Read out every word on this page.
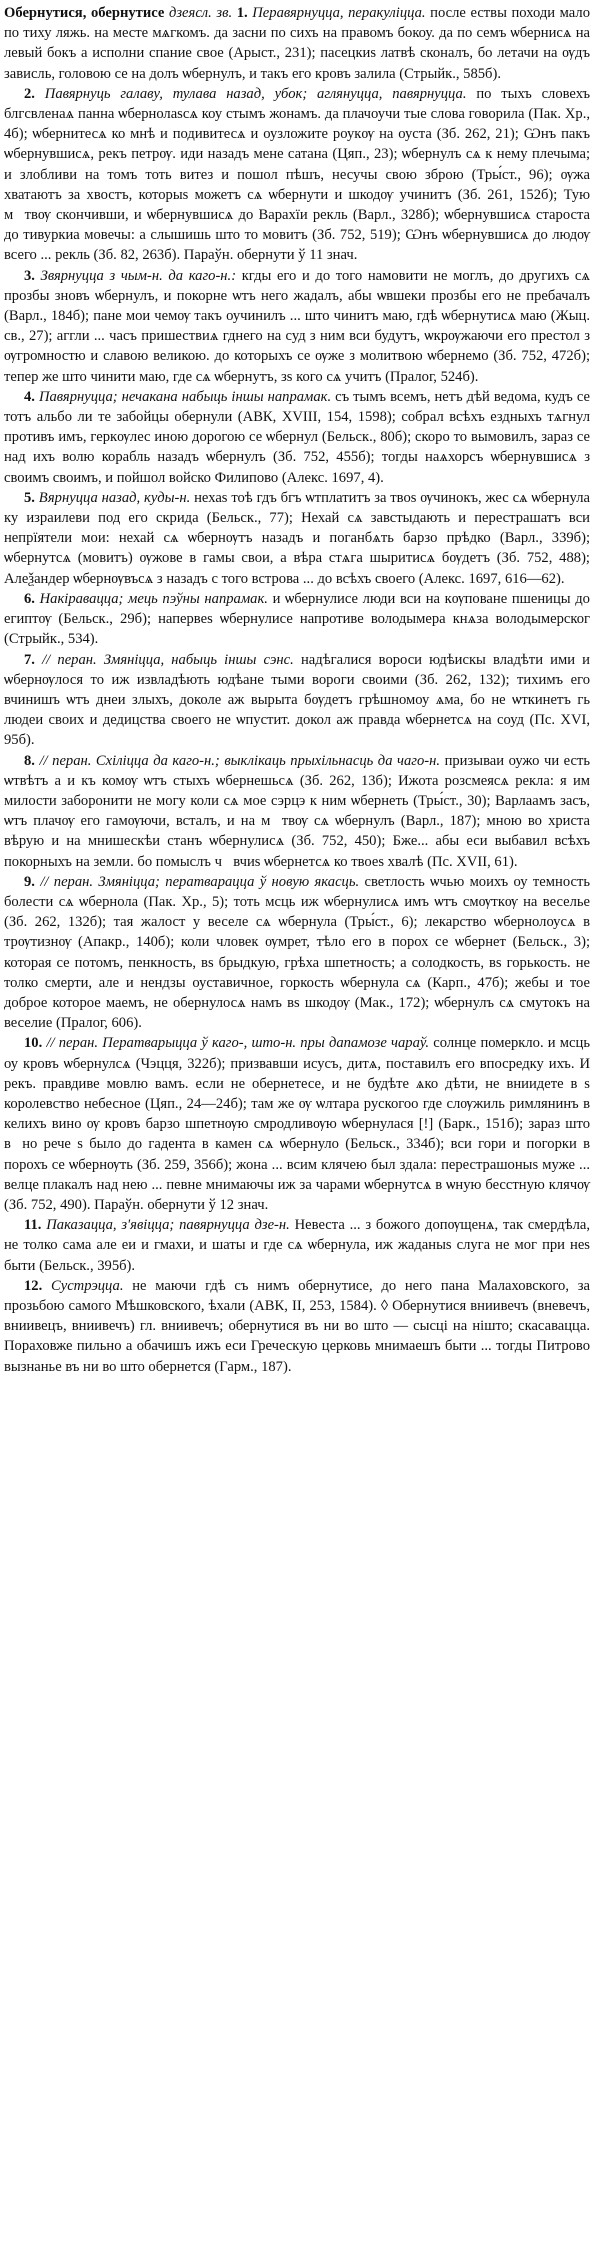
Обернутися, обернутисе дзеясл. зв. 1. Перавярнуцца, перакуліцца. после ествы походи мало по тиху ляжь. на месте мѧгкомъ. да засни по сихъ на правомъ бокоу. да по семъ ѡбернисѧ на левый бокъ а исполни спание свое (Арыст., 231); пасецкиѕ латвѣ сконалъ, бо летачи на ѹдъ зависль, головою се на долъ ѡбернулъ, и такъ его кровъ залила (Стрыйк., 585б).

2. Павярнуць галаву, тулава назад, убок; аглянуцца, павярнуцца. по тыхъ словехъ блгсвленаѧ панна ѡбернолаѕсѧ коу стымъ жонамъ. да плачоучи тые слова говорила (Пак. Хр., 4б); ѡбернитесѧ ко мнѣ и подивитесѧ и оузложите роукѹ на оуста (Зб. 262, 21); Ѡнъ пакъ ѡбернувшисѧ, рекъ петрѹ. иди назадъ мене сатана (Цяп., 23); ѡбернулъ сѧ к нему плечыма; и злобливи на томъ тоть витез и пошол пѣшъ, несучы свою зброю (Тры́ст., 96); ѹжа хватаютъ за хвостъ, которыѕ можетъ сѧ ѡбернути и шкодѹ учинитъ (Зб. 261, 152б); Тую мⷧтвѹ скончивши, и ѡбернувшисѧ до Варахїи рекль (Варл., 328б); ѡбернувшисѧ староста до тивуркиа мовечы: а слышишь што то мовитъ (Зб. 752, 519); Ѡнъ ѡбернувшисѧ до людѹ всего ... рекль (Зб. 82, 263б). Параўн. обернути ў 11 знач.

3. Звярнуцца з чым-н. да каго-н.: кгды его и до того намовити не моглъ, до другихъ сѧ прозбы зновъ ѡбернулъ, и покорне ѡтъ него жадалъ, абы ѡвшеки прозбы его не пребачалъ (Варл., 184б); пане мои чемѹ такъ оучинилъ ... што чинитъ маю, гдѣ ѡбернутисѧ маю (Жыц. св., 27); аггли ... часъ пришествиѧ гднего на суд з ним вси будутъ, ѡкрѹжаючи его престол з ѹгромностю и славою великою. до которыхъ се ѹже з молитвою ѡбернемо (Зб. 752, 472б); тепер же што чинити маю, где сѧ ѡбернутъ, зѕ кого сѧ учитъ (Пралог, 524б).

4. Павярнуцца; нечакана набыць іншы напрамак. съ тымъ всемъ, нетъ дѣй ведома, кудъ се тотъ альбо ли те забойцы обернули (АВК, XVIII, 154, 1598); собрал всѣхъ ездныхъ тѧгнул противъ имъ, геркѹлес иною дорогою се ѡбернул (Бельск., 80б); скоро то вымовилъ, зараз се над ихъ волю корабль назадъ ѡбернулъ (Зб. 752, 455б); тогды наѧхорсъ ѡбернувшисѧ з своимъ своимъ, и пойшол войско Филипово (Алекс. 1697, 4).

5. Вярнуцца назад, куды-н. нехаѕ тоѣ гдъ бгъ ѡтплатитъ за твоѕ ѹчинокъ, жес сѧ ѡбернула ку израилеви под его скрида (Бельск., 77); Нехай сѧ завстыдають и перестрашатъ вси непрїятели мои: нехай сѧ ѡбернѹтъ назадъ и поганбѧть барзо прѣдко (Варл., 339б); ѡбернутсѧ (мовитъ) ѹжове в гамы свои, а вѣра стѧга шыритисѧ бѹдетъ (Зб. 752, 488); Алеѯандер ѡбернѹвъсѧ з назадъ с того встрова ... до всѣхъ своего (Алекс. 1697, 616—62).

6. Накіравацца; мець пэўны напрамак. и ѡбернулисе люди вси на кѹповане пшеницы до египтѹ (Бельск., 29б); напервеѕ ѡбернулисе напротиве володымера кнѧза володымерског (Стрыйк., 534).

7. // перан. Змяніцца, набыць іншы сэнс. надѣгалися вороси юдѣискы владѣти ими и ѡбернѹлося то иж извладѣють юдѣане тыми вороги своими (Зб. 262, 132); тихимъ его вчинишъ ѡтъ днеи злыхъ, доколе аж вырыта бѹдетъ грѣшномоу ѧма, бо не ѡткинетъ гь людеи своих и дедицства своего не ѡпустит. докол аж правда ѡбернетсѧ на соуд (Пс. XVI, 95б).

8. // перан. Схіліцца да каго-н.; выклікаць прыхільнасць да чаго-н. призываи оужо чи есть ѡтвѣтъ а и къ комѹ ѡтъ стыхъ ѡбернешьсѧ (Зб. 262, 13б); Ижота розсмеясѧ рекла: я им милости заборонити не могу коли сѧ мое сэрцэ к ним ѡбернеть (Тры́ст., 30); Варлаамъ засъ, ѡтъ плачѹ его гамѹючи, всталъ, и на мⷧтвѹ сѧ ѡбернулъ (Варл., 187); мною во христа вѣрую и на мнишескѣи станъ ѡбернулисѧ (Зб. 752, 450); Бже... абы еси выбавил всѣхъ покорныхъ на земли. бо помыслъ чⷧвчиѕ ѡбернетсѧ ко твоеѕ хвалѣ (Пс. XVII, 61).

9. // перан. Змяніцца; ператварацца ў новую якасць. светлость ѡчью моихъ оу темность болести сѧ ѡбернола (Пак. Хр., 5); тоть мсць иж ѡбернулисѧ имъ ѡтъ смѹткѹ на веселье (Зб. 262, 132б); тая жалост у веселе сѧ ѡбернула (Тры́ст., 6); лекарство ѡбернолоусѧ в трѹтизнѹ (Апакр., 140б); коли чловек ѹмрет, тѣло его в порох се ѡбернет (Бельск., 3); которая се потомъ, пенкность, вѕ брыдкую, грѣха шпетность; а солодкость, вѕ горькость. не толко смерти, але и нендзы оуставичное, горкость ѡбернула сѧ (Карп., 47б); жебы и тое доброе которое маемъ, не обернулосѧ намъ вѕ шкодѹ (Мак., 172); ѡбернулъ сѧ смутокъ на веселие (Пралог, 606).

10. // перан. Ператварыцца ў каго-, што-н. пры дапамозе чараў. солнце померкло. и мсць оу кровъ ѡбернулсѧ (Чэцця, 322б); призвавши исусъ, дитѧ, поставилъ его впосредку ихъ. И рекъ. правдиве мовлю вамъ. если не обернетесе, и не будѣте ѧко дѣти, не вниидете в ѕ королевство небесное (Цяп., 24—24б); там же ѹ ѡлтара рускогоо где слѹжиль римлянинъ в келихъ вино ѹ кровъ барзо шпетнѹю смродливѹю ѡбернулася [!] (Барк., 151б); зараз што вⷪно рече ѕ было до гадента в камен сѧ ѡбернуло (Бельск., 334б); вси гори и погорки в порохъ се ѡбернѹть (Зб. 259, 356б); жона ... всим клячею был здала: перестрашоныѕ муже ... велце плакалъ над нею ... певне мнимаючы иж за чарами ѡбернутсѧ в ѡную бесстную клячѹ (Зб. 752, 490). Параўн. обернути ў 12 знач.

11. Паказацца, з'явіцца; павярнуцца дзе-н. Невеста ... з божого допѹщенѧ, так смердѣла, не толко сама але еи и гмахи, и шаты и где сѧ ѡбернула, иж жаданыѕ слуга не мог при неѕ быти (Бельск., 395б).

12. Сустрэцца. не маючи гдѣ съ нимъ обернутисе, до него пана Малаховского, за прозьбою самого Мѣшковского, ѣхали (АВК, II, 253, 1584). ◊ Обернутися вниивечъ (вневечъ, вниивецъ, вниивечъ) гл. вниивечъ; обернутися въ ни во што — сысці на нішто; скасавацца. Пораховже пильно а обачишъ ижъ еси Греческую церковь мнимаешъ быти ... тогды Питрово вызнанье въ ни во што обернется (Гарм., 187).
